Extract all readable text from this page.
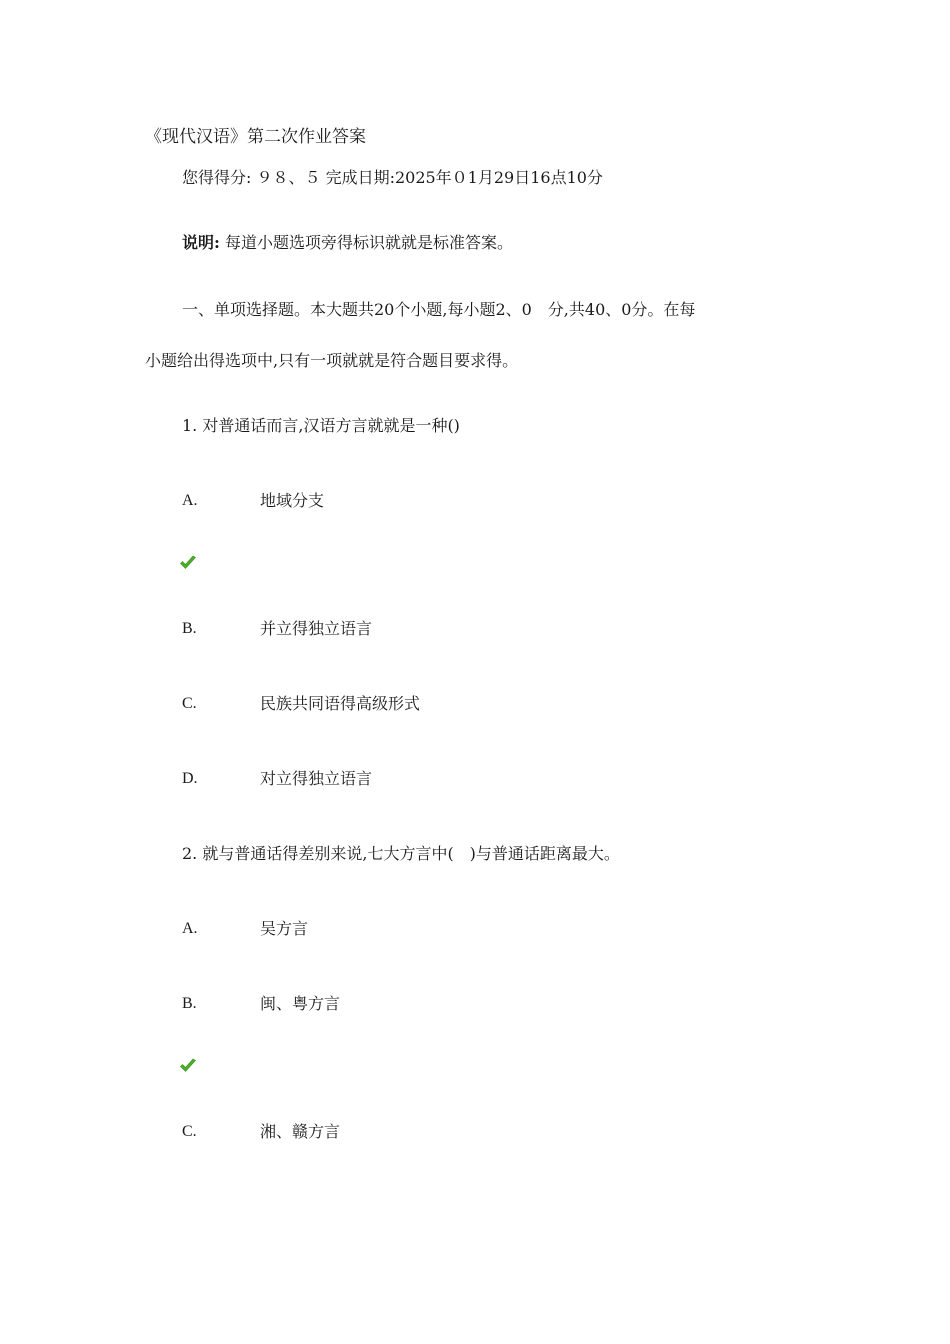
《现代汉语》第二次作业答案
您得得分: ９８、５ 完成日期:2025年０1月29日16点10分
说明: 每道小题选项旁得标识就就是标准答案。
一、单项选择题。本大题共20个小题,每小题2、0　分,共40、0分。在每
小题给出得选项中,只有一项就就是符合题目要求得。
1. 对普通话而言,汉语方言就就是一种()
A.	地域分支
B.	并立得独立语言
C.	民族共同语得高级形式
D.	对立得独立语言
2. 就与普通话得差别来说,七大方言中(　)与普通话距离最大。
A.	吴方言
B.	闽、粤方言
C.	湘、赣方言
